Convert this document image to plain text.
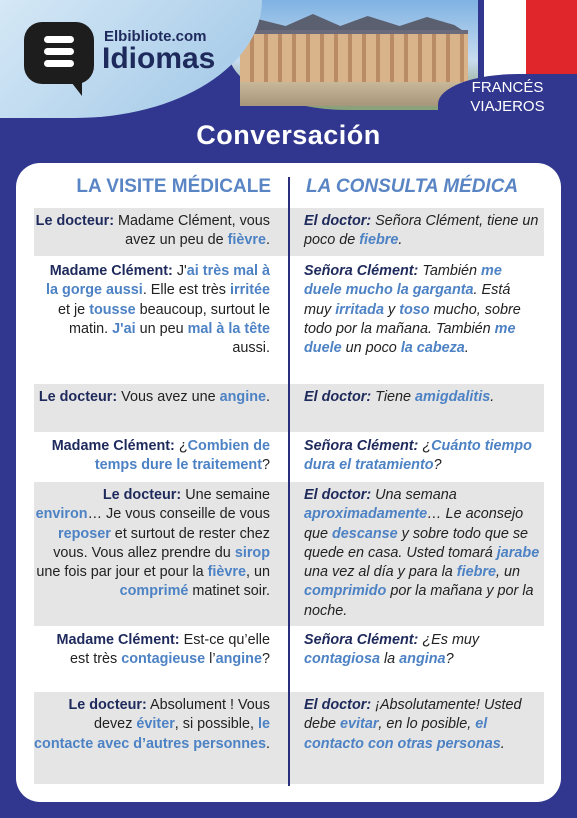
Elbibliote.com
Idiomas
FRANCÉS
VIAJEROS
Conversación
LA VISITE MÉDICALE LA CONSULTA MÉDICA
Le docteur: Madame Clément, vous avez un peu de fièvre.
El doctor: Señora Clément, tiene un poco de fiebre.
Madame Clément: J'ai très mal à la gorge aussi. Elle est très irritée et je tousse beaucoup, surtout le matin. J'ai un peu mal à la tête aussi.
Señora Clément: También me duele mucho la garganta. Está muy irritada y toso mucho, sobre todo por la mañana. También me duele un poco la cabeza.
Le docteur: Vous avez une angine. El doctor: Tiene amigdalitis.
Madame Clément: ¿Combien de temps dure le traitement?
Señora Clément: ¿Cuánto tiempo dura el tratamiento?
Le docteur: Une semaine environ… Je vous conseille de vous reposer et surtout de rester chez vous. Vous allez prendre du sirop une fois par jour et pour la fièvre, un comprimé matinet soir.
El doctor: Una semana aproximadamente… Le aconsejo que descanse y sobre todo que se quede en casa. Usted tomará jarabe una vez al día y para la fiebre, un comprimido por la mañana y por la noche.
Madame Clément: Est-ce qu’elle est très contagieuse l’angine?
Señora Clément: ¿Es muy contagiosa la angina?
Le docteur: Absolument ! Vous devez éviter, si possible, le contacte avec d’autres personnes.
El doctor: ¡Absolutamente! Usted debe evitar, en lo posible, el contacto con otras personas.
